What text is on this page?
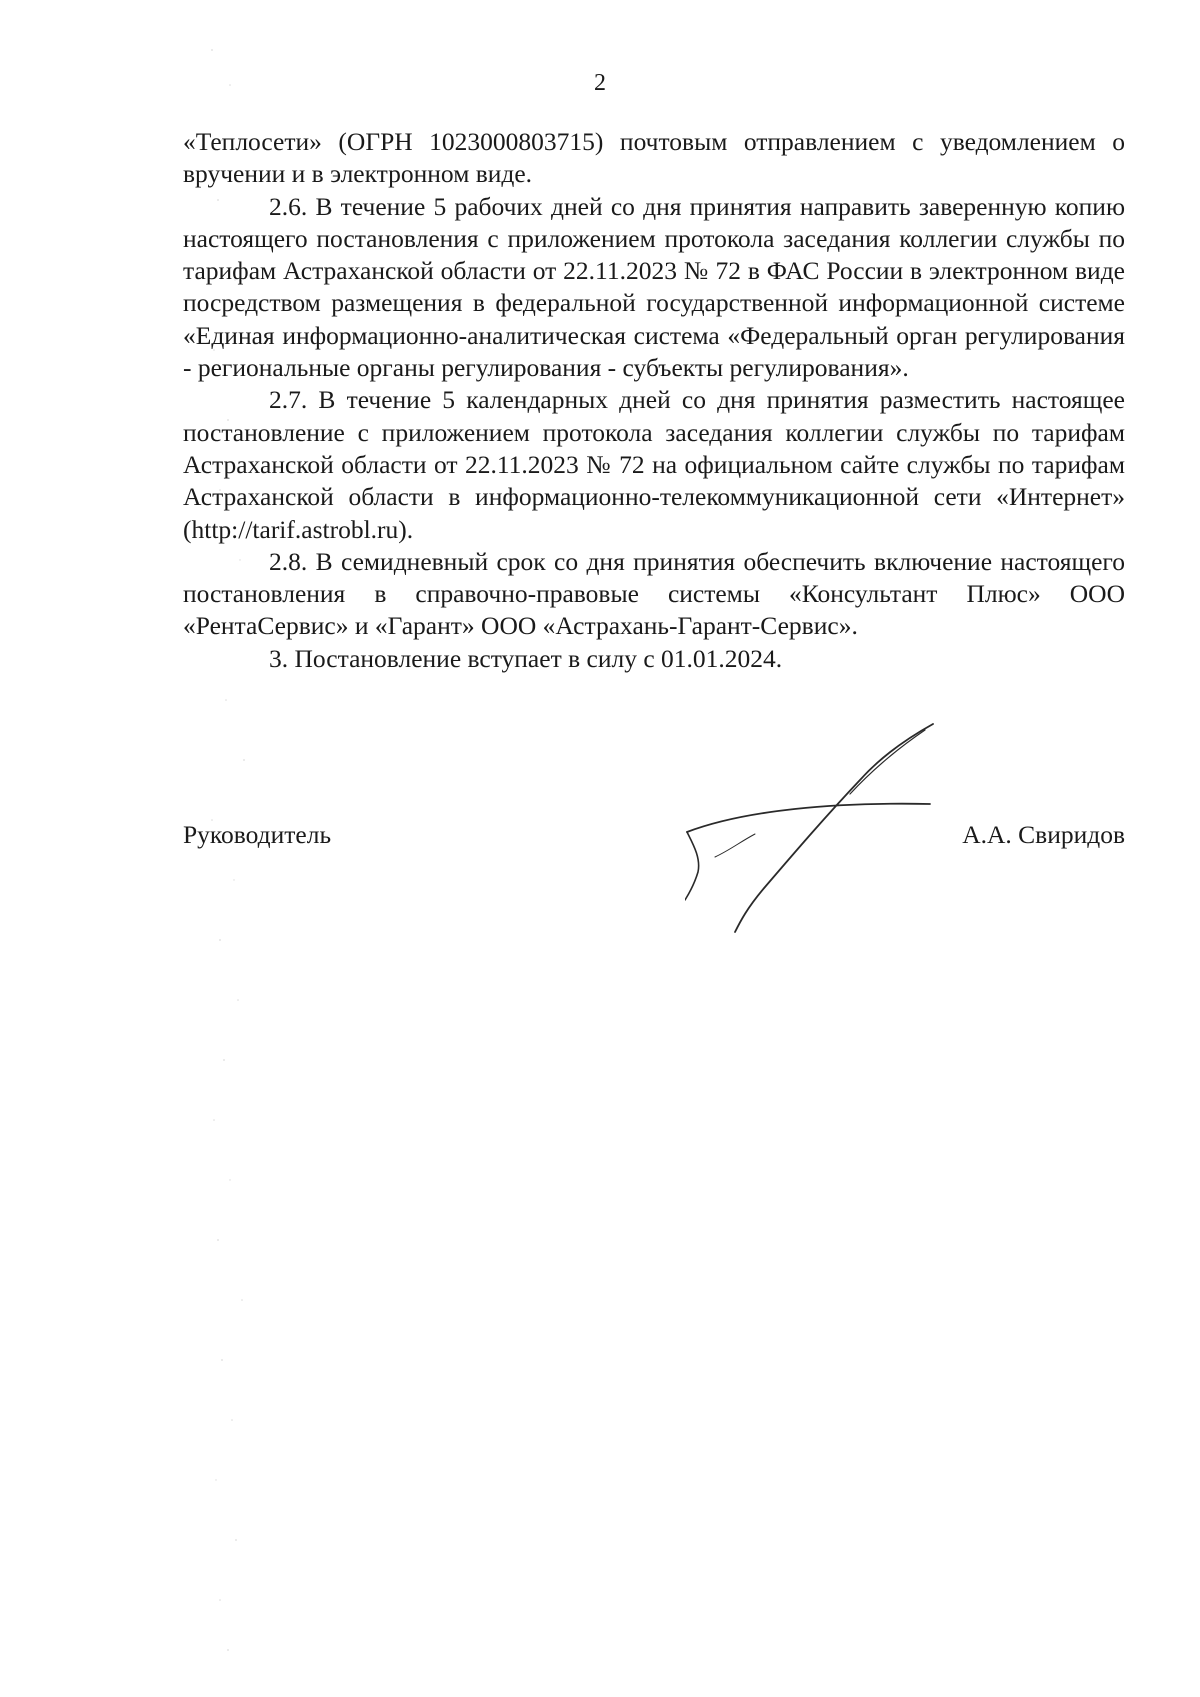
2

«Теплосети» (ОГРН 1023000803715) почтовым отправлением с уведомлением о вручении и в электронном виде.

2.6. В течение 5 рабочих дней со дня принятия направить заверенную копию настоящего постановления с приложением протокола заседания коллегии службы по тарифам Астраханской области от 22.11.2023 № 72 в ФАС России в электронном виде посредством размещения в федеральной государственной информационной системе «Единая информационно-аналитическая система «Федеральный орган регулирования - региональные органы регулирования - субъекты регулирования».

2.7. В течение 5 календарных дней со дня принятия разместить настоящее постановление с приложением протокола заседания коллегии службы по тарифам Астраханской области от 22.11.2023 № 72 на официальном сайте службы по тарифам Астраханской области в информационно-телекоммуникационной сети «Интернет» (http://tarif.astrobl.ru).

2.8. В семидневный срок со дня принятия обеспечить включение настоящего постановления в справочно-правовые системы «Консультант Плюс» ООО «РентаСервис» и «Гарант» ООО «Астрахань-Гарант-Сервис».

3. Постановление вступает в силу с 01.01.2024.

Руководитель	А.А. Свиридов
